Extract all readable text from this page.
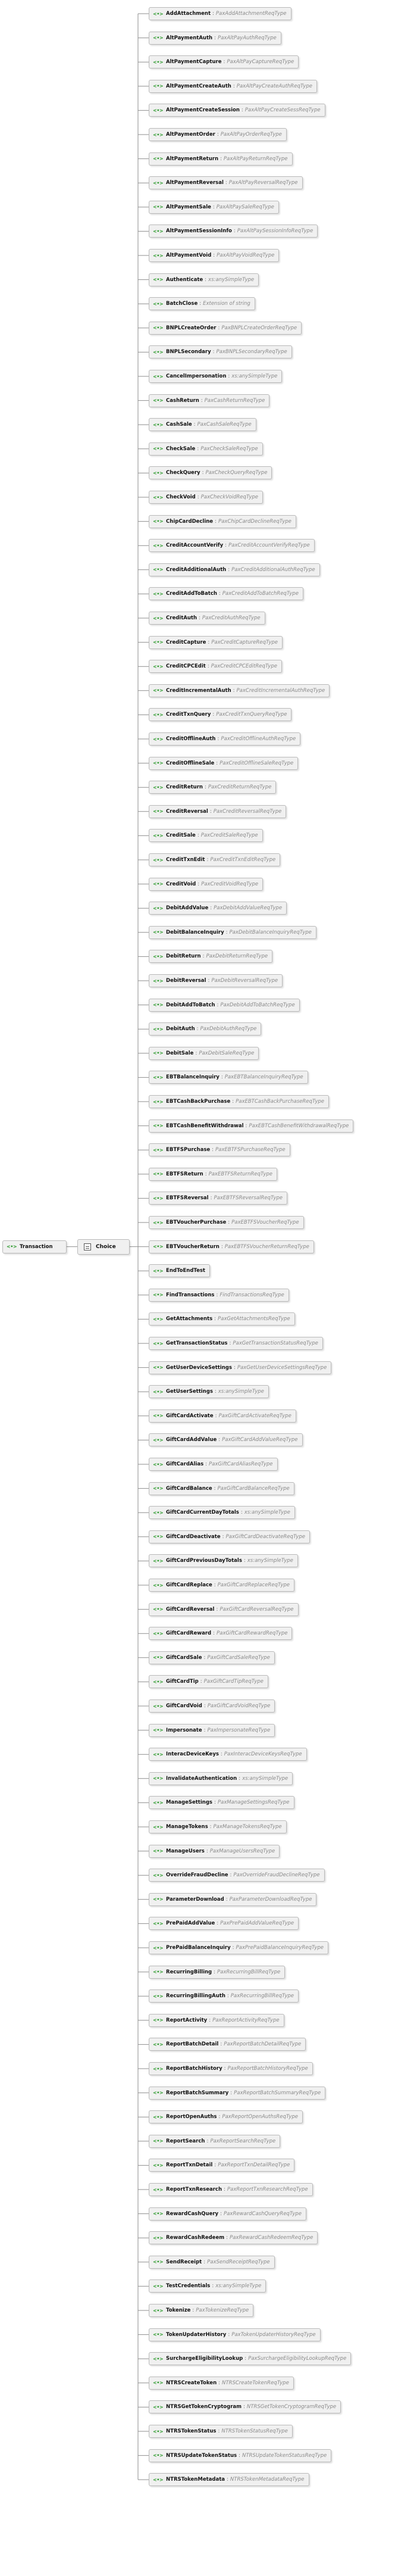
<•> Transaction	Choice
<•> AddAttachment : PaxAddAttachmentReqType
<•> AltPaymentAuth : PaxAltPayAuthReqType
<•> AltPaymentCapture : PaxAltPayCaptureReqType
<•> AltPaymentCreateAuth : PaxAltPayCreateAuthReqType
<•> AltPaymentCreateSession : PaxAltPayCreateSessReqType
<•> AltPaymentOrder : PaxAltPayOrderReqType
<•> AltPaymentReturn : PaxAltPayReturnReqType
<•> AltPaymentReversal : PaxAltPayReversalReqType
<•> AltPaymentSale : PaxAltPaySaleReqType
<•> AltPaymentSessionInfo : PaxAltPaySessionInfoReqType
<•> AltPaymentVoid : PaxAltPayVoidReqType
<•> Authenticate : xs:anySimpleType
<•> BatchClose : Extension of string
<•> BNPLCreateOrder : PaxBNPLCreateOrderReqType
<•> BNPLSecondary : PaxBNPLSecondaryReqType
<•> CancelImpersonation : xs:anySimpleType
<•> CashReturn : PaxCashReturnReqType
<•> CashSale : PaxCashSaleReqType
<•> CheckSale : PaxCheckSaleReqType
<•> CheckQuery : PaxCheckQueryReqType
<•> CheckVoid : PaxCheckVoidReqType
<•> ChipCardDecline : PaxChipCardDeclineReqType
<•> CreditAccountVerify : PaxCreditAccountVerifyReqType
<•> CreditAdditionalAuth : PaxCreditAdditionalAuthReqType
<•> CreditAddToBatch : PaxCreditAddToBatchReqType
<•> CreditAuth : PaxCreditAuthReqType
<•> CreditCapture : PaxCreditCaptureReqType
<•> CreditCPCEdit : PaxCreditCPCEditReqType
<•> CreditIncrementalAuth : PaxCreditIncrementalAuthReqType
<•> CreditTxnQuery : PaxCreditTxnQueryReqType
<•> CreditOfflineAuth : PaxCreditOfflineAuthReqType
<•> CreditOfflineSale : PaxCreditOfflineSaleReqType
<•> CreditReturn : PaxCreditReturnReqType
<•> CreditReversal : PaxCreditReversalReqType
<•> CreditSale : PaxCreditSaleReqType
<•> CreditTxnEdit : PaxCreditTxnEditReqType
<•> CreditVoid : PaxCreditVoidReqType
<•> DebitAddValue : PaxDebitAddValueReqType
<•> DebitBalanceInquiry : PaxDebitBalanceInquiryReqType
<•> DebitReturn : PaxDebitReturnReqType
<•> DebitReversal : PaxDebitReversalReqType
<•> DebitAddToBatch : PaxDebitAddToBatchReqType
<•> DebitAuth : PaxDebitAuthReqType
<•> DebitSale : PaxDebitSaleReqType
<•> EBTBalanceInquiry : PaxEBTBalanceInquiryReqType
<•> EBTCashBackPurchase : PaxEBTCashBackPurchaseReqType
<•> EBTCashBenefitWithdrawal : PaxEBTCashBenefitWithdrawalReqType
<•> EBTFSPurchase : PaxEBTFSPurchaseReqType
<•> EBTFSReturn : PaxEBTFSReturnReqType
<•> EBTFSReversal : PaxEBTFSReversalReqType
<•> EBTVoucherPurchase : PaxEBTFSVoucherReqType
<•> EBTVoucherReturn : PaxEBTFSVoucherReturnReqType
<•> EndToEndTest
<•> FindTransactions : FindTransactionsReqType
<•> GetAttachments : PaxGetAttachmentsReqType
<•> GetTransactionStatus : PaxGetTransactionStatusReqType
<•> GetUserDeviceSettings : PaxGetUserDeviceSettingsReqType
<•> GetUserSettings : xs:anySimpleType
<•> GiftCardActivate : PaxGiftCardActivateReqType
<•> GiftCardAddValue : PaxGiftCardAddValueReqType
<•> GiftCardAlias : PaxGiftCardAliasReqType
<•> GiftCardBalance : PaxGiftCardBalanceReqType
<•> GiftCardCurrentDayTotals : xs:anySimpleType
<•> GiftCardDeactivate : PaxGiftCardDeactivateReqType
<•> GiftCardPreviousDayTotals : xs:anySimpleType
<•> GiftCardReplace : PaxGiftCardReplaceReqType
<•> GiftCardReversal : PaxGiftCardReversalReqType
<•> GiftCardReward : PaxGiftCardRewardReqType
<•> GiftCardSale : PaxGiftCardSaleReqType
<•> GiftCardTip : PaxGiftCardTipReqType
<•> GiftCardVoid : PaxGiftCardVoidReqType
<•> Impersonate : PaxImpersonateReqType
<•> InteracDeviceKeys : PaxInteracDeviceKeysReqType
<•> InvalidateAuthentication : xs:anySimpleType
<•> ManageSettings : PaxManageSettingsReqType
<•> ManageTokens : PaxManageTokensReqType
<•> ManageUsers : PaxManageUsersReqType
<•> OverrideFraudDecline : PaxOverrideFraudDeclineReqType
<•> ParameterDownload : PaxParameterDownloadReqType
<•> PrePaidAddValue : PaxPrePaidAddValueReqType
<•> PrePaidBalanceInquiry : PaxPrePaidBalanceInquiryReqType
<•> RecurringBilling : PaxRecurringBillReqType
<•> RecurringBillingAuth : PaxRecurringBillReqType
<•> ReportActivity : PaxReportActivityReqType
<•> ReportBatchDetail : PaxReportBatchDetailReqType
<•> ReportBatchHistory : PaxReportBatchHistoryReqType
<•> ReportBatchSummary : PaxReportBatchSummaryReqType
<•> ReportOpenAuths : PaxReportOpenAuthsReqType
<•> ReportSearch : PaxReportSearchReqType
<•> ReportTxnDetail : PaxReportTxnDetailReqType
<•> ReportTxnResearch : PaxReportTxnResearchReqType
<•> RewardCashQuery : PaxRewardCashQueryReqType
<•> RewardCashRedeem : PaxRewardCashRedeemReqType
<•> SendReceipt : PaxSendReceiptReqType
<•> TestCredentials : xs:anySimpleType
<•> Tokenize : PaxTokenizeReqType
<•> TokenUpdaterHistory : PaxTokenUpdaterHistoryReqType
<•> SurchargeEligibilityLookup : PaxSurchargeEligibilityLookupReqType
<•> NTRSCreateToken : NTRSCreateTokenReqType
<•> NTRSGetTokenCryptogram : NTRSGetTokenCryptogramReqType
<•> NTRSTokenStatus : NTRSTokenStatusReqType
<•> NTRSUpdateTokenStatus : NTRSUpdateTokenStatusReqType
<•> NTRSTokenMetadata : NTRSTokenMetadataReqType
